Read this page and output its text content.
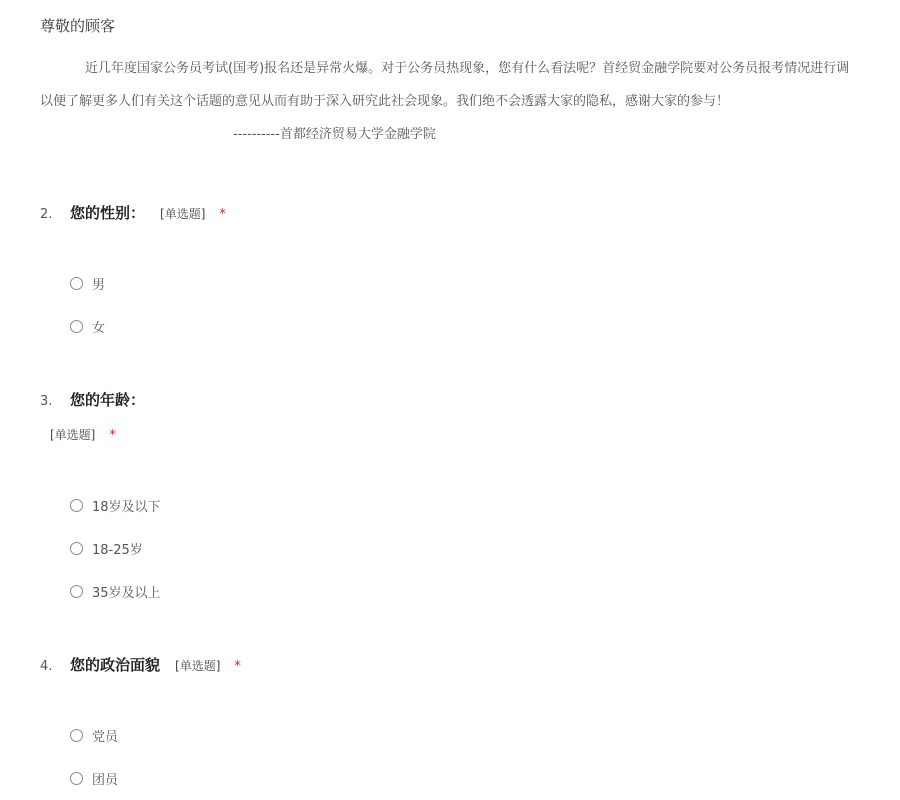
尊敬的顾客
近几年度国家公务员考试(国考)报名还是异常火爆。对于公务员热现象，您有什么看法呢？首经贸金融学院要对公务员报考情况进行调
以便了解更多人们有关这个话题的意见从而有助于深入研究此社会现象。我们绝不会透露大家的隐私，感谢大家的参与！
----------首都经济贸易大学金融学院
2.	您的性别： [单选题] *
男
女
3.	您的年龄：
[单选题] *
18岁及以下
18-25岁
35岁及以上
4.	您的政治面貌 [单选题] *
党员
团员
